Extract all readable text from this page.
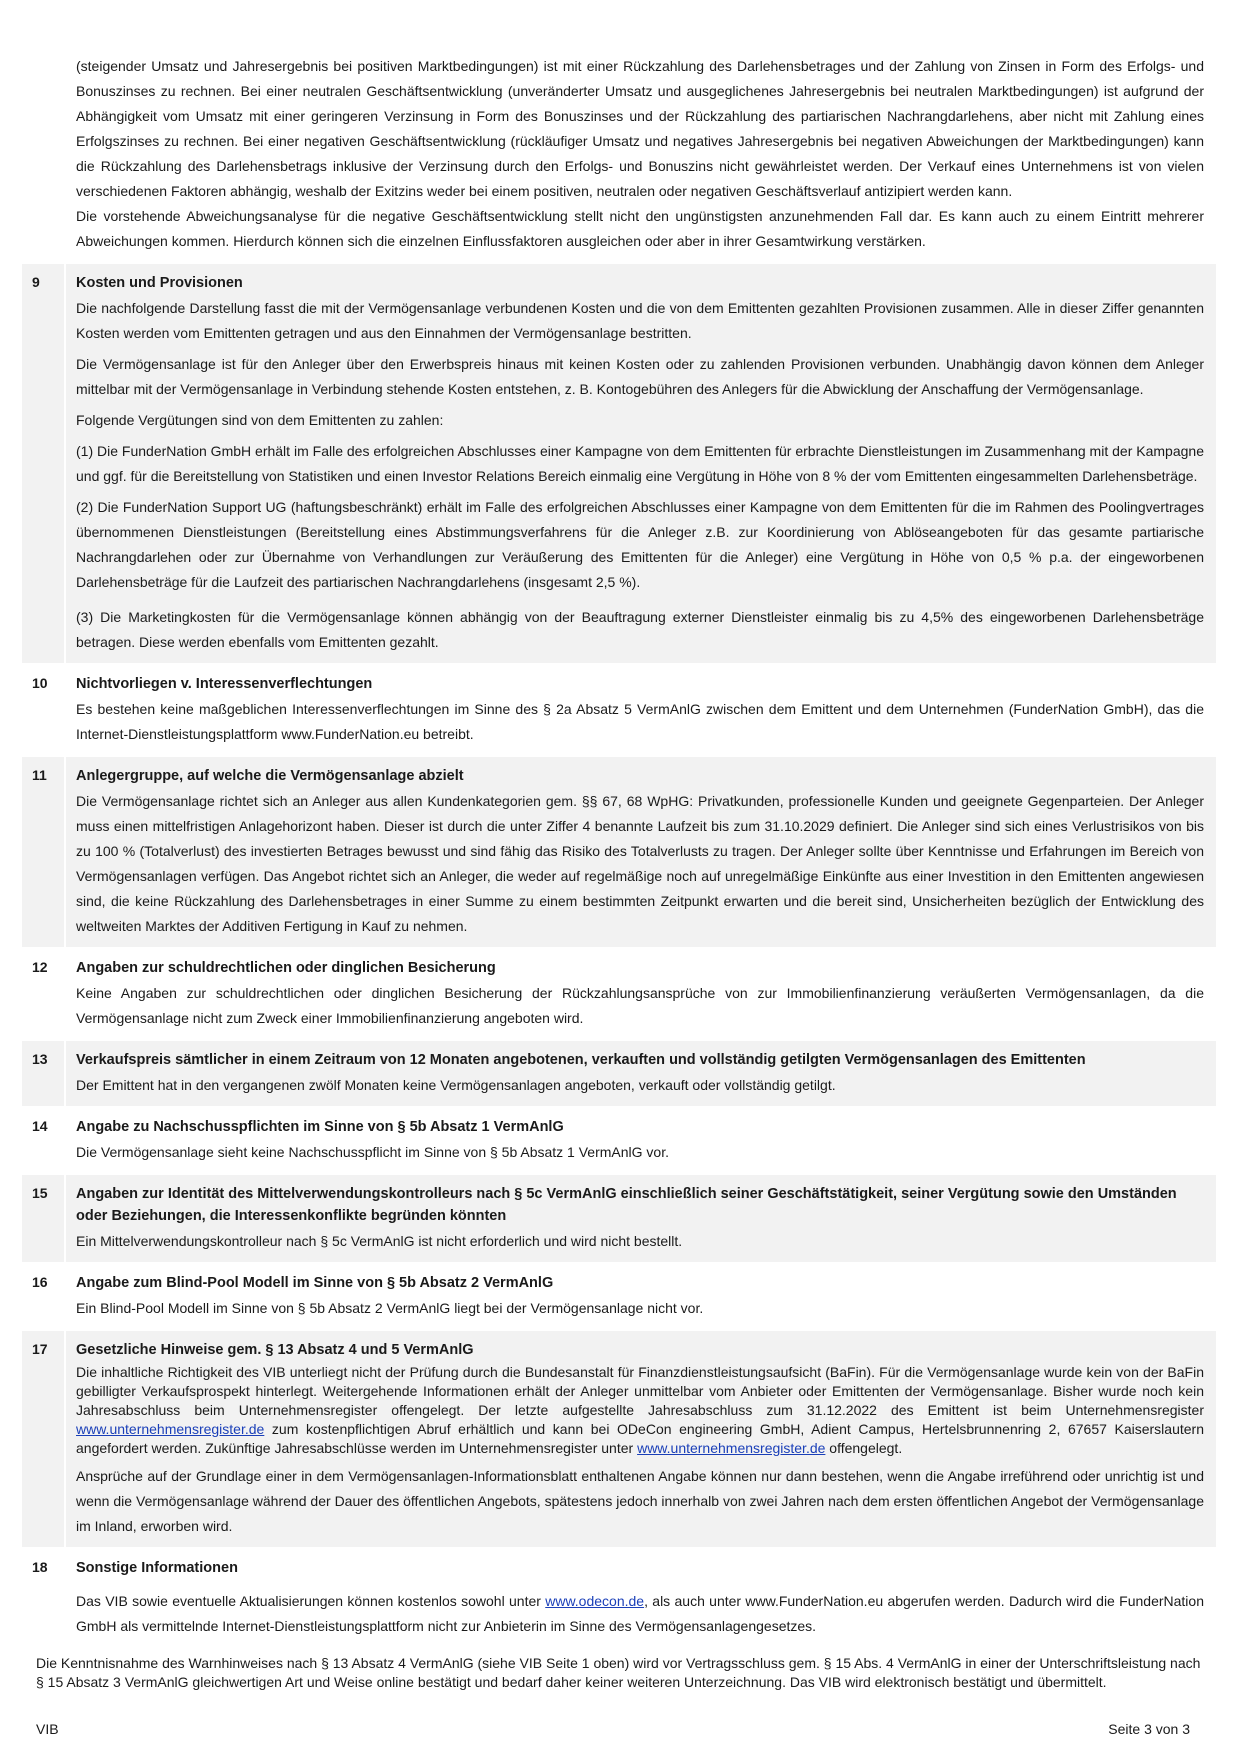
(steigender Umsatz und Jahresergebnis bei positiven Marktbedingungen) ist mit einer Rückzahlung des Darlehensbetrages und der Zahlung von Zinsen in Form des Erfolgs- und Bonuszinses zu rechnen. Bei einer neutralen Geschäftsentwicklung (unveränderter Umsatz und ausgeglichenes Jahresergebnis bei neutralen Marktbedingungen) ist aufgrund der Abhängigkeit vom Umsatz mit einer geringeren Verzinsung in Form des Bonuszinses und der Rückzahlung des partiarischen Nachrangdarlehens, aber nicht mit Zahlung eines Erfolgszinses zu rechnen. Bei einer negativen Geschäftsentwicklung (rückläufiger Umsatz und negatives Jahresergebnis bei negativen Abweichungen der Marktbedingungen) kann die Rückzahlung des Darlehensbetrags inklusive der Verzinsung durch den Erfolgs- und Bonuszins nicht gewährleistet werden. Der Verkauf eines Unternehmens ist von vielen verschiedenen Faktoren abhängig, weshalb der Exitzins weder bei einem positiven, neutralen oder negativen Geschäftsverlauf antizipiert werden kann.

Die vorstehende Abweichungsanalyse für die negative Geschäftsentwicklung stellt nicht den ungünstigsten anzunehmenden Fall dar. Es kann auch zu einem Eintritt mehrerer Abweichungen kommen. Hierdurch können sich die einzelnen Einflussfaktoren ausgleichen oder aber in ihrer Gesamtwirkung verstärken.

9	Kosten und Provisionen

Die nachfolgende Darstellung fasst die mit der Vermögensanlage verbundenen Kosten und die von dem Emittenten gezahlten Provisionen zusammen. Alle in dieser Ziffer genannten Kosten werden vom Emittenten getragen und aus den Einnahmen der Vermögensanlage bestritten.

Die Vermögensanlage ist für den Anleger über den Erwerbspreis hinaus mit keinen Kosten oder zu zahlenden Provisionen verbunden. Unabhängig davon können dem Anleger mittelbar mit der Vermögensanlage in Verbindung stehende Kosten entstehen, z. B. Kontogebühren des Anlegers für die Abwicklung der Anschaffung der Vermögensanlage.

Folgende Vergütungen sind von dem Emittenten zu zahlen:

(1) Die FunderNation GmbH erhält im Falle des erfolgreichen Abschlusses einer Kampagne von dem Emittenten für erbrachte Dienstleistungen im Zusammenhang mit der Kampagne und ggf. für die Bereitstellung von Statistiken und einen Investor Relations Bereich einmalig eine Vergütung in Höhe von 8 % der vom Emittenten eingesammelten Darlehensbeträge.

(2) Die FunderNation Support UG (haftungsbeschränkt) erhält im Falle des erfolgreichen Abschlusses einer Kampagne von dem Emittenten für die im Rahmen des Poolingvertrages übernommenen Dienstleistungen (Bereitstellung eines Abstimmungsverfahrens für die Anleger z.B. zur Koordinierung von Ablöseangeboten für das gesamte partiarische Nachrangdarlehen oder zur Übernahme von Verhandlungen zur Veräußerung des Emittenten für die Anleger) eine Vergütung in Höhe von 0,5 % p.a. der eingeworbenen Darlehensbeträge für die Laufzeit des partiarischen Nachrangdarlehens (insgesamt 2,5 %).

(3) Die Marketingkosten für die Vermögensanlage können abhängig von der Beauftragung externer Dienstleister einmalig bis zu 4,5% des eingeworbenen Darlehensbeträge betragen. Diese werden ebenfalls vom Emittenten gezahlt.

10	Nichtvorliegen v. Interessenverflechtungen

Es bestehen keine maßgeblichen Interessenverflechtungen im Sinne des § 2a Absatz 5 VermAnlG zwischen dem Emittent und dem Unternehmen (FunderNation GmbH), das die Internet-Dienstleistungsplattform www.FunderNation.eu betreibt.

11	Anlegergruppe, auf welche die Vermögensanlage abzielt

Die Vermögensanlage richtet sich an Anleger aus allen Kundenkategorien gem. §§ 67, 68 WpHG: Privatkunden, professionelle Kunden und geeignete Gegenparteien. Der Anleger muss einen mittelfristigen Anlagehorizont haben. Dieser ist durch die unter Ziffer 4 benannte Laufzeit bis zum 31.10.2029 definiert. Die Anleger sind sich eines Verlustrisikos von bis zu 100 % (Totalverlust) des investierten Betrages bewusst und sind fähig das Risiko des Totalverlusts zu tragen. Der Anleger sollte über Kenntnisse und Erfahrungen im Bereich von Vermögensanlagen verfügen. Das Angebot richtet sich an Anleger, die weder auf regelmäßige noch auf unregelmäßige Einkünfte aus einer Investition in den Emittenten angewiesen sind, die keine Rückzahlung des Darlehensbetrages in einer Summe zu einem bestimmten Zeitpunkt erwarten und die bereit sind, Unsicherheiten bezüglich der Entwicklung des weltweiten Marktes der Additiven Fertigung in Kauf zu nehmen.

12	Angaben zur schuldrechtlichen oder dinglichen Besicherung

Keine Angaben zur schuldrechtlichen oder dinglichen Besicherung der Rückzahlungsansprüche von zur Immobilienfinanzierung veräußerten Vermögensanlagen, da die Vermögensanlage nicht zum Zweck einer Immobilienfinanzierung angeboten wird.

13	Verkaufspreis sämtlicher in einem Zeitraum von 12 Monaten angebotenen, verkauften und vollständig getilgten Vermögensanlagen des Emittenten

Der Emittent hat in den vergangenen zwölf Monaten keine Vermögensanlagen angeboten, verkauft oder vollständig getilgt.

14	Angabe zu Nachschusspflichten im Sinne von § 5b Absatz 1 VermAnlG

Die Vermögensanlage sieht keine Nachschusspflicht im Sinne von § 5b Absatz 1 VermAnlG vor.

15	Angaben zur Identität des Mittelverwendungskontrolleurs nach § 5c VermAnlG einschließlich seiner Geschäftstätigkeit, seiner Vergütung sowie den Umständen oder Beziehungen, die Interessenkonflikte begründen könnten

Ein Mittelverwendungskontrolleur nach § 5c VermAnlG ist nicht erforderlich und wird nicht bestellt.

16	Angabe zum Blind-Pool Modell im Sinne von § 5b Absatz 2 VermAnlG

Ein Blind-Pool Modell im Sinne von § 5b Absatz 2 VermAnlG liegt bei der Vermögensanlage nicht vor.

17	Gesetzliche Hinweise gem. § 13 Absatz 4 und 5 VermAnlG

Die inhaltliche Richtigkeit des VIB unterliegt nicht der Prüfung durch die Bundesanstalt für Finanzdienstleistungsaufsicht (BaFin). Für die Vermögensanlage wurde kein von der BaFin gebilligter Verkaufsprospekt hinterlegt. Weitergehende Informationen erhält der Anleger unmittelbar vom Anbieter oder Emittenten der Vermögensanlage. Bisher wurde noch kein Jahresabschluss beim Unternehmensregister offengelegt. Der letzte aufgestellte Jahresabschluss zum 31.12.2022 des Emittent ist beim Unternehmensregister www.unternehmensregister.de zum kostenpflichtigen Abruf erhältlich und kann bei ODeCon engineering GmbH, Adient Campus, Hertelsbrunnenring 2, 67657 Kaiserslautern angefordert werden. Zukünftige Jahresabschlüsse werden im Unternehmensregister unter www.unternehmensregister.de offengelegt.

Ansprüche auf der Grundlage einer in dem Vermögensanlagen-Informationsblatt enthaltenen Angabe können nur dann bestehen, wenn die Angabe irreführend oder unrichtig ist und wenn die Vermögensanlage während der Dauer des öffentlichen Angebots, spätestens jedoch innerhalb von zwei Jahren nach dem ersten öffentlichen Angebot der Vermögensanlage im Inland, erworben wird.

18	Sonstige Informationen

Das VIB sowie eventuelle Aktualisierungen können kostenlos sowohl unter www.odecon.de, als auch unter www.FunderNation.eu abgerufen werden. Dadurch wird die FunderNation GmbH als vermittelnde Internet-Dienstleistungsplattform nicht zur Anbieterin im Sinne des Vermögensanlagengesetzes.

Die Kenntnisnahme des Warnhinweises nach § 13 Absatz 4 VermAnlG (siehe VIB Seite 1 oben) wird vor Vertragsschluss gem. § 15 Abs. 4 VermAnlG in einer der Unterschriftsleistung nach § 15 Absatz 3 VermAnlG gleichwertigen Art und Weise online bestätigt und bedarf daher keiner weiteren Unterzeichnung. Das VIB wird elektronisch bestätigt und übermittelt.

VIB	Seite 3 von 3
